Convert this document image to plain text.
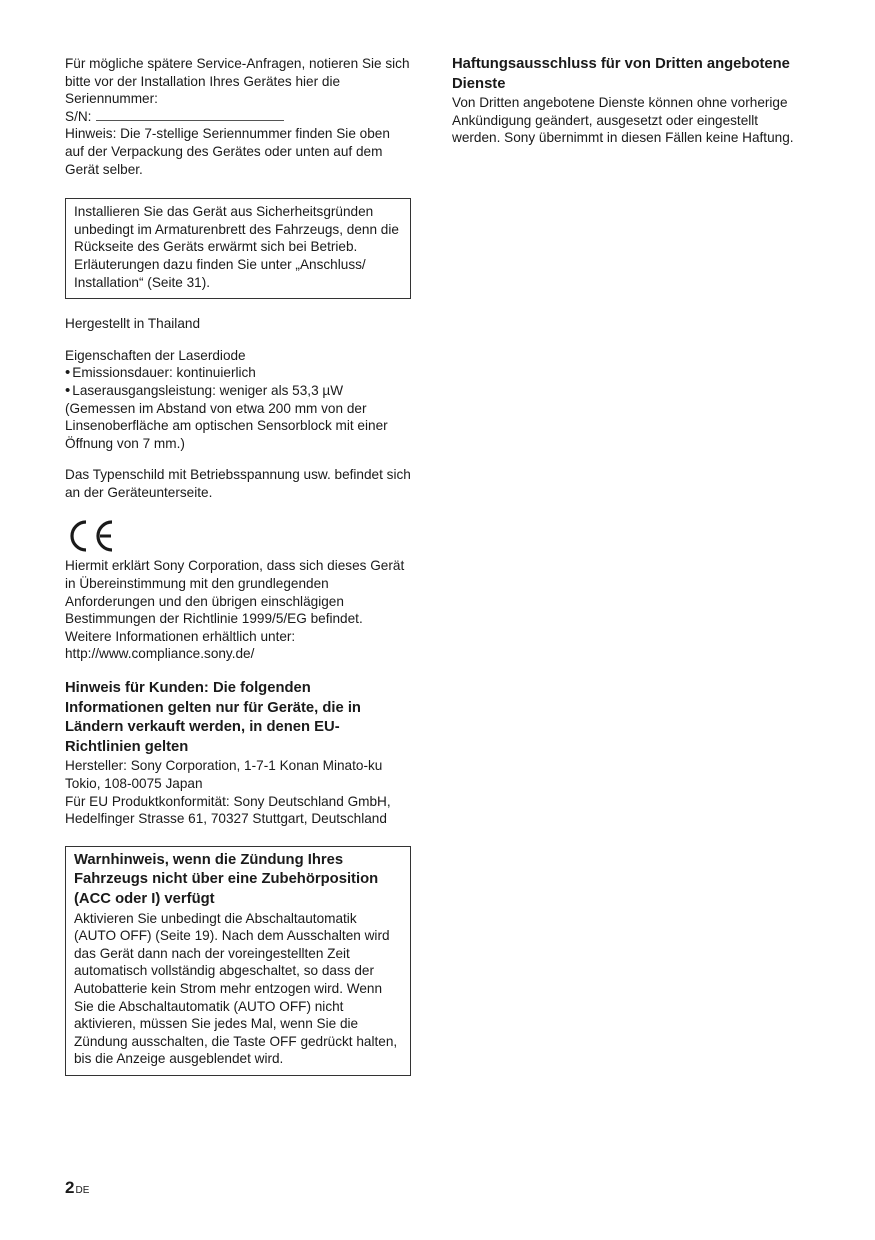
Für mögliche spätere Service-Anfragen, notieren Sie sich bitte vor der Installation Ihres Gerätes hier die Seriennummer:

S/N:

Hinweis: Die 7-stellige Seriennummer finden Sie oben auf der Verpackung des Gerätes oder unten auf dem Gerät selber.

Installieren Sie das Gerät aus Sicherheitsgründen unbedingt im Armaturenbrett des Fahrzeugs, denn die Rückseite des Geräts erwärmt sich bei Betrieb.

Erläuterungen dazu finden Sie unter „Anschluss/ Installation“ (Seite 31).

Hergestellt in Thailand

Eigenschaften der Laserdiode

• Emissionsdauer: kontinuierlich

• Laserausgangsleistung: weniger als 53,3 µW

(Gemessen im Abstand von etwa 200 mm von der Linsenoberfläche am optischen Sensorblock mit einer Öffnung von 7 mm.)

Das Typenschild mit Betriebsspannung usw. befindet sich an der Geräteunterseite.

Hiermit erklärt Sony Corporation, dass sich dieses Gerät in Übereinstimmung mit den grundlegenden Anforderungen und den übrigen einschlägigen Bestimmungen der Richtlinie 1999/5/EG befindet. Weitere Informationen erhältlich unter: http://www.compliance.sony.de/

Hinweis für Kunden: Die folgenden Informationen gelten nur für Geräte, die in Ländern verkauft werden, in denen EU-Richtlinien gelten

Hersteller: Sony Corporation, 1-7-1 Konan Minato-ku Tokio, 108-0075 Japan

Für EU Produktkonformität: Sony Deutschland GmbH, Hedelfinger Strasse 61, 70327 Stuttgart, Deutschland

Warnhinweis, wenn die Zündung Ihres Fahrzeugs nicht über eine Zubehörposition (ACC oder I) verfügt

Aktivieren Sie unbedingt die Abschaltautomatik (AUTO OFF) (Seite 19). Nach dem Ausschalten wird das Gerät dann nach der voreingestellten Zeit automatisch vollständig abgeschaltet, so dass der Autobatterie kein Strom mehr entzogen wird. Wenn Sie die Abschaltautomatik (AUTO OFF) nicht aktivieren, müssen Sie jedes Mal, wenn Sie die Zündung ausschalten, die Taste OFF gedrückt halten, bis die Anzeige ausgeblendet wird.

Haftungsausschluss für von Dritten angebotene Dienste

Von Dritten angebotene Dienste können ohne vorherige Ankündigung geändert, ausgesetzt oder eingestellt werden. Sony übernimmt in diesen Fällen keine Haftung.

2DE
